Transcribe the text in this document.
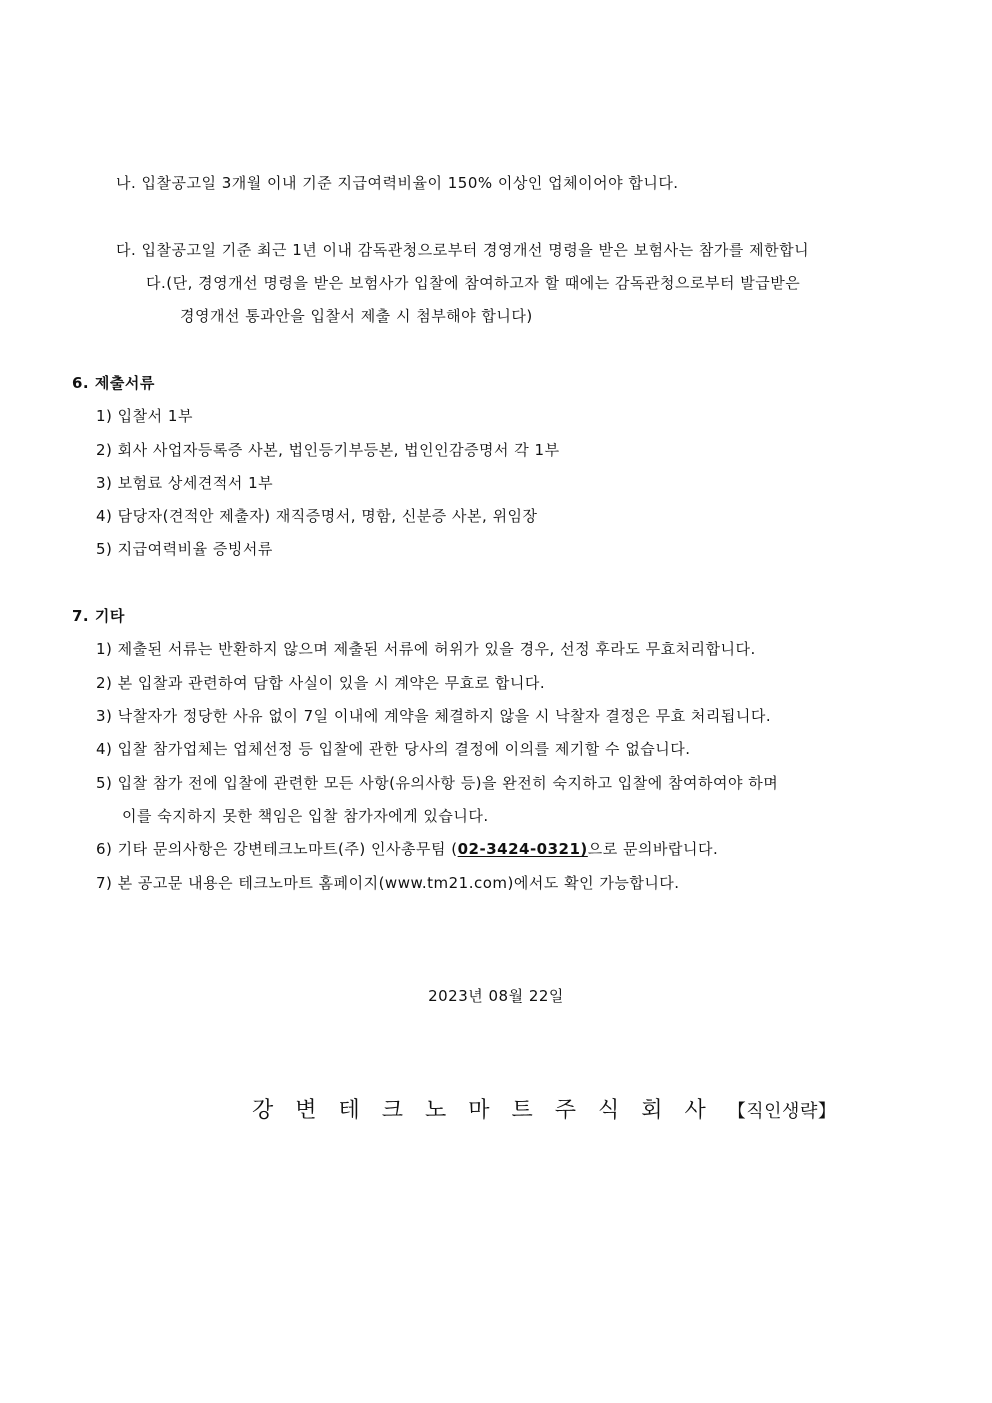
나. 입찰공고일 3개월 이내 기준 지급여력비율이 150% 이상인 업체이어야 합니다.
다. 입찰공고일 기준 최근 1년 이내 감독관청으로부터 경영개선 명령을 받은 보험사는 참가를 제한합니
다.(단, 경영개선 명령을 받은 보험사가 입찰에 참여하고자 할 때에는 감독관청으로부터 발급받은
경영개선 통과안을 입찰서 제출 시 첨부해야 합니다)
6. 제출서류
1) 입찰서 1부
2) 회사 사업자등록증 사본, 법인등기부등본, 법인인감증명서 각 1부
3) 보험료 상세견적서 1부
4) 담당자(견적안 제출자) 재직증명서, 명함, 신분증 사본, 위임장
5) 지급여력비율 증빙서류
7. 기타
1) 제출된 서류는 반환하지 않으며 제출된 서류에 허위가 있을 경우, 선정 후라도 무효처리합니다.
2) 본 입찰과 관련하여 담합 사실이 있을 시 계약은 무효로 합니다.
3) 낙찰자가 정당한 사유 없이 7일 이내에 계약을 체결하지 않을 시 낙찰자 결정은 무효 처리됩니다.
4) 입찰 참가업체는 업체선정 등 입찰에 관한 당사의 결정에 이의를 제기할 수 없습니다.
5) 입찰 참가 전에 입찰에 관련한 모든 사항(유의사항 등)을 완전히 숙지하고 입찰에 참여하여야 하며
이를 숙지하지 못한 책임은 입찰 참가자에게 있습니다.
6) 기타 문의사항은 강변테크노마트(주) 인사총무팀 (02-3424-0321)으로 문의바랍니다.
7) 본 공고문 내용은 테크노마트 홈페이지(www.tm21.com)에서도 확인 가능합니다.
2023년 08월 22일
강변테크노마트주식회사【직인생략】
